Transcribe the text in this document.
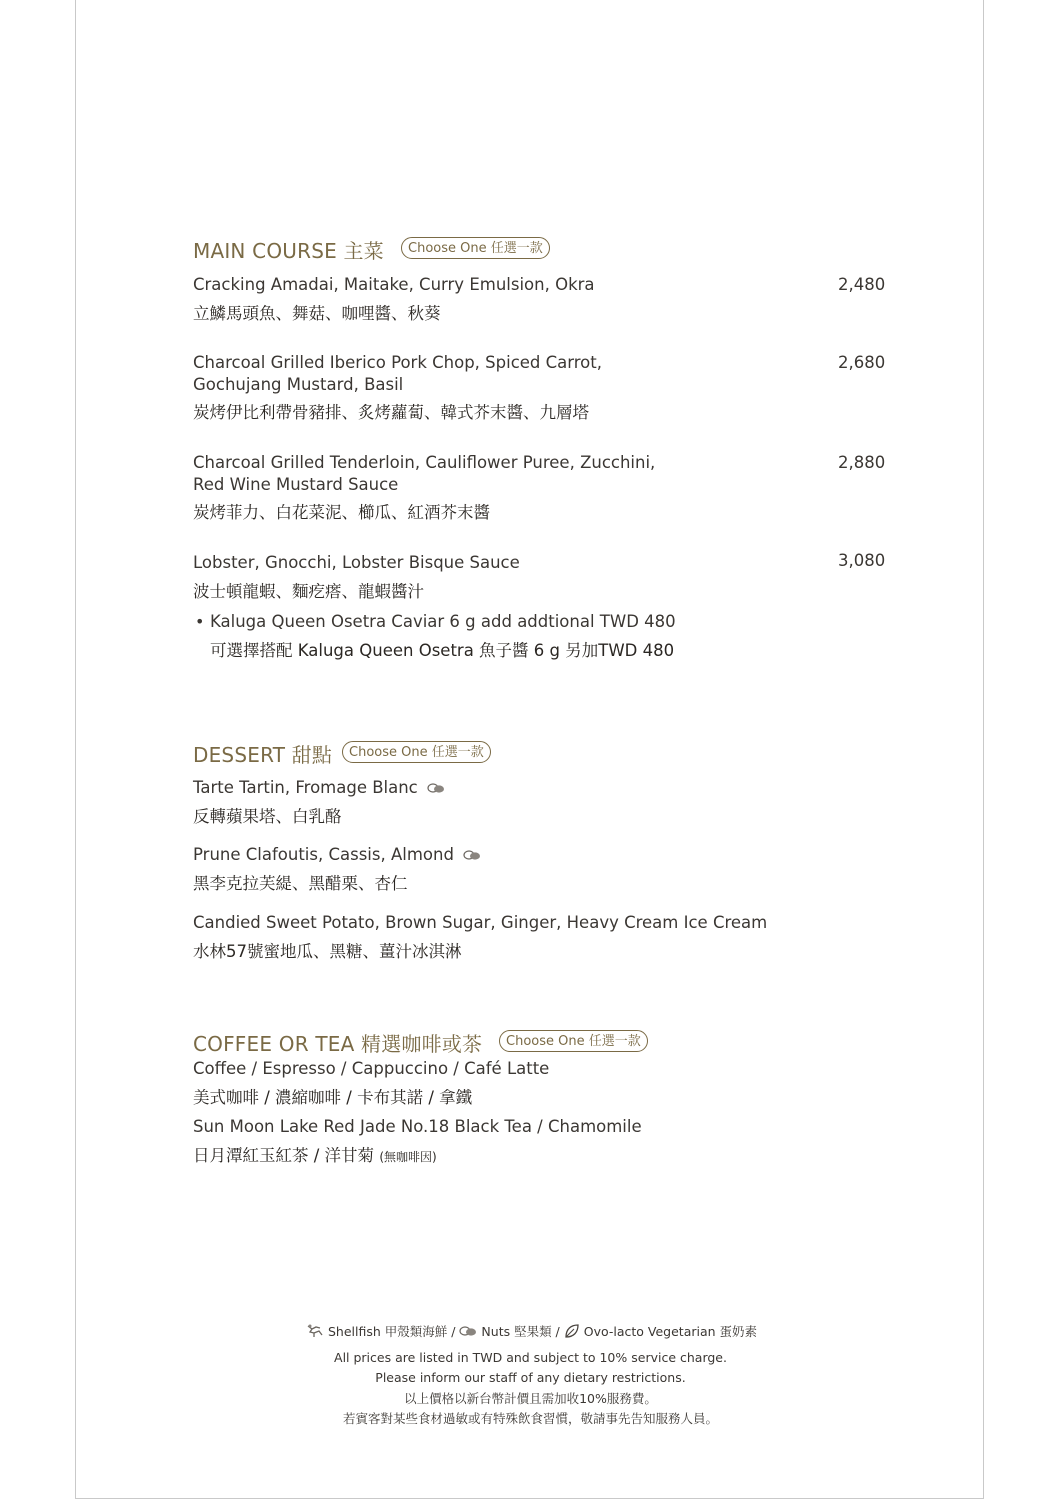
MAIN COURSE 主菜	Choose One 任選一款
Cracking Amadai, Maitake, Curry Emulsion, Okra
立鱗馬頭魚、舞菇、咖哩醬、秋葵
2,480
Charcoal Grilled Iberico Pork Chop, Spiced Carrot,
Gochujang Mustard, Basil
炭烤伊比利帶骨豬排、炙烤蘿蔔、韓式芥末醬、九層塔
2,680
Charcoal Grilled Tenderloin, Cauliflower Puree, Zucchini,
Red Wine Mustard Sauce
炭烤菲力、白花菜泥、櫛瓜、紅酒芥末醬
2,880
Lobster, Gnocchi, Lobster Bisque Sauce
波士頓龍蝦、麵疙瘩、龍蝦醬汁
3,080
• Kaluga Queen Osetra Caviar 6 g add addtional TWD 480
可選擇搭配 Kaluga Queen Osetra 魚子醬 6 g 另加TWD 480
DESSERT 甜點	Choose One 任選一款
Tarte Tartin, Fromage Blanc
反轉蘋果塔、白乳酪
Prune Clafoutis, Cassis, Almond
黑李克拉芙緹、黑醋栗、杏仁
Candied Sweet Potato, Brown Sugar, Ginger, Heavy Cream Ice Cream
水林57號蜜地瓜、黑糖、薑汁冰淇淋
COFFEE OR TEA 精選咖啡或茶	Choose One 任選一款
Coffee / Espresso / Cappuccino / Café Latte
美式咖啡 / 濃縮咖啡 / 卡布其諾 / 拿鐵
Sun Moon Lake Red Jade No.18 Black Tea / Chamomile
日月潭紅玉紅茶 / 洋甘菊 (無咖啡因)
Shellfish 甲殼類海鮮 / Nuts 堅果類 / Ovo-lacto Vegetarian 蛋奶素
All prices are listed in TWD and subject to 10% service charge.
Please inform our staff of any dietary restrictions.
以上價格以新台幣計價且需加收10%服務費。
若賓客對某些食材過敏或有特殊飲食習慣，敬請事先告知服務人員。
